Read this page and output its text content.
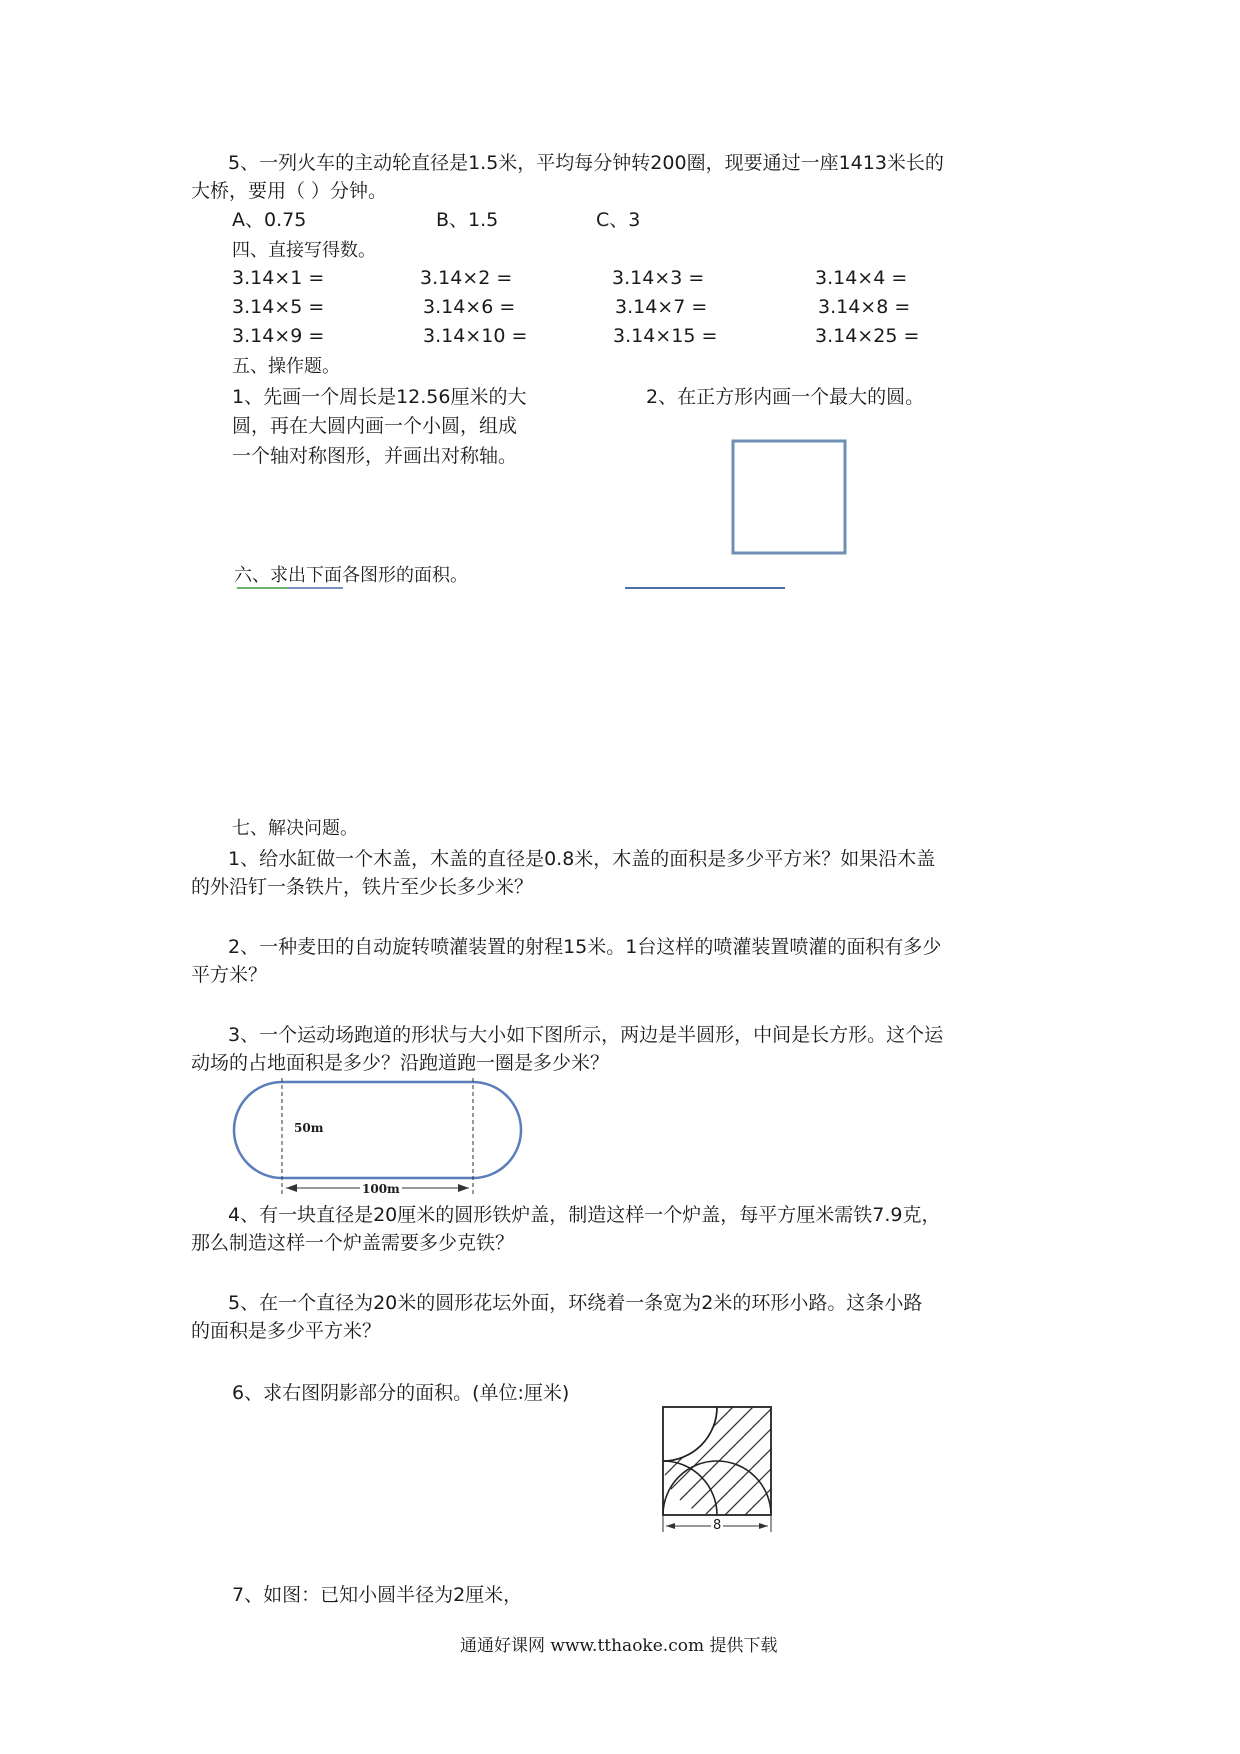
5、一列火车的主动轮直径是1.5米，平均每分钟转200圈，现要通过一座1413米长的
大桥，要用（ ）分钟。
A、0.75	B、1.5	C、3
四、直接写得数。
3.14×1 =	3.14×2 =	3.14×3 =	3.14×4 =
3.14×5 =	3.14×6 =	3.14×7 =	3.14×8 =
3.14×9 =	3.14×10 =	3.14×15 =	3.14×25 =
五、操作题。
1、先画一个周长是12.56厘米的大
圆，再在大圆内画一个小圆，组成
一个轴对称图形，并画出对称轴。
2、在正方形内画一个最大的圆。
六、求出下面各图形的面积。
七、解决问题。
1、给水缸做一个木盖，木盖的直径是0.8米，木盖的面积是多少平方米？如果沿木盖
的外沿钉一条铁片，铁片至少长多少米？
2、一种麦田的自动旋转喷灌装置的射程15米。1台这样的喷灌装置喷灌的面积有多少
平方米？
3、一个运动场跑道的形状与大小如下图所示，两边是半圆形，中间是长方形。这个运
动场的占地面积是多少？沿跑道跑一圈是多少米？
50m
100m
4、有一块直径是20厘米的圆形铁炉盖，制造这样一个炉盖，每平方厘米需铁7.9克，
那么制造这样一个炉盖需要多少克铁？
5、在一个直径为20米的圆形花坛外面，环绕着一条宽为2米的环形小路。这条小路
的面积是多少平方米？
6、求右图阴影部分的面积。(单位:厘米)
8
7、如图：已知小圆半径为2厘米，
通通好课网 www.tthaoke.com 提供下载
